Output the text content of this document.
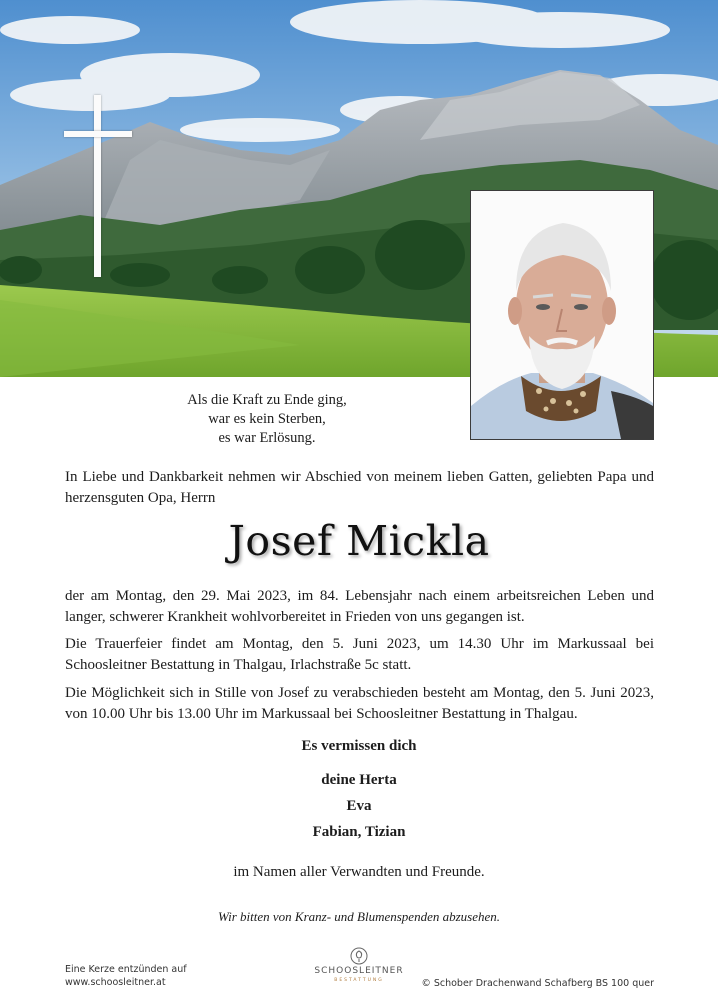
Als die Kraft zu Ende ging,
war es kein Sterben,
es war Erlösung.
In Liebe und Dankbarkeit nehmen wir Abschied von meinem lieben Gatten, geliebten Papa und herzensguten Opa, Herrn
Josef Mickla
der am Montag, den 29. Mai 2023, im 84. Lebensjahr nach einem arbeitsreichen Leben und langer, schwerer Krankheit wohlvorbereitet in Frieden von uns gegangen ist.
Die Trauerfeier findet am Montag, den 5. Juni 2023, um 14.30 Uhr im Markussaal bei Schoosleitner Bestattung in Thalgau, Irlachstraße 5c statt.
Die Möglichkeit sich in Stille von Josef zu verabschieden besteht am Montag, den 5. Juni 2023, von 10.00 Uhr bis 13.00 Uhr im Markussaal bei Schoosleitner Bestattung in Thalgau.
Es vermissen dich
deine Herta
Eva
Fabian, Tizian
im Namen aller Verwandten und Freunde.
Wir bitten von Kranz- und Blumenspenden abzusehen.
Eine Kerze entzünden auf
www.schoosleitner.at
SCHOOSLEITNER
BESTATTUNG	© Schober Drachenwand Schafberg BS 100 quer
